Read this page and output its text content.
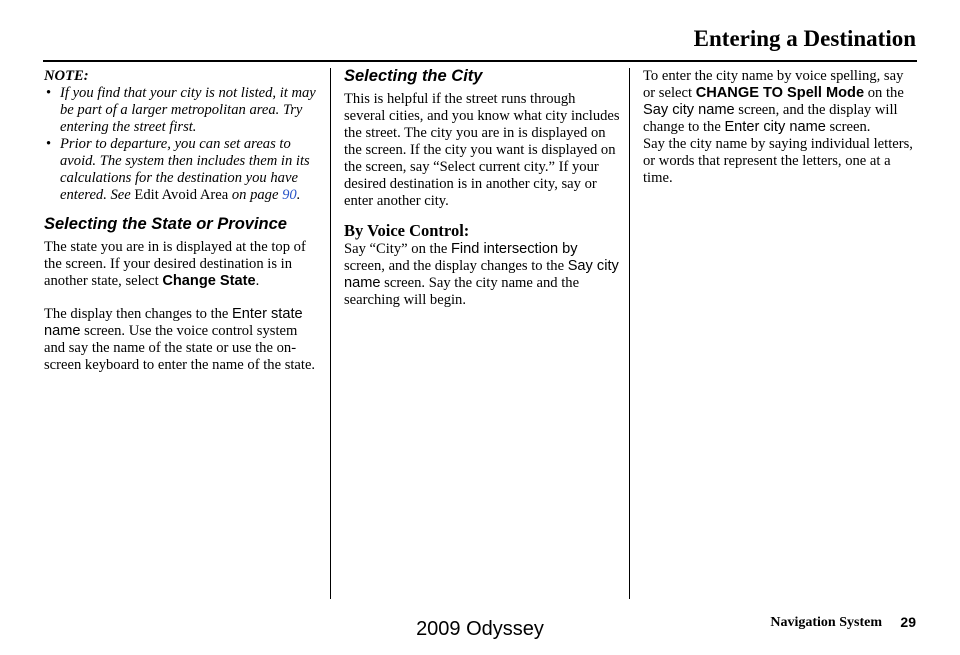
Entering a Destination

NOTE:

• If you find that your city is not listed, it may be part of a larger metropolitan area. Try entering the street first.
• Prior to departure, you can set areas to avoid. The system then includes them in its calculations for the destination you have entered. See Edit Avoid Area on page 90.
Selecting the State or Province

The state you are in is displayed at the top of the screen. If your desired destination is in another state, select Change State.

The display then changes to the Enter state name screen. Use the voice control system and say the name of the state or use the on-screen keyboard to enter the name of the state.

Selecting the City

This is helpful if the street runs through several cities, and you know what city includes the street. The city you are in is displayed on the screen. If the city you want is displayed on the screen, say “Select current city.” If your desired destination is in another city, say or enter another city.

By Voice Control:

Say “City” on the Find intersection by screen, and the display changes to the Say city name screen. Say the city name and the searching will begin.

To enter the city name by voice spelling, say or select CHANGE TO Spell Mode on the Say city name screen, and the display will change to the Enter city name screen.

Say the city name by saying individual letters, or words that represent the letters, one at a time.

Navigation System 29
2009 Odyssey
